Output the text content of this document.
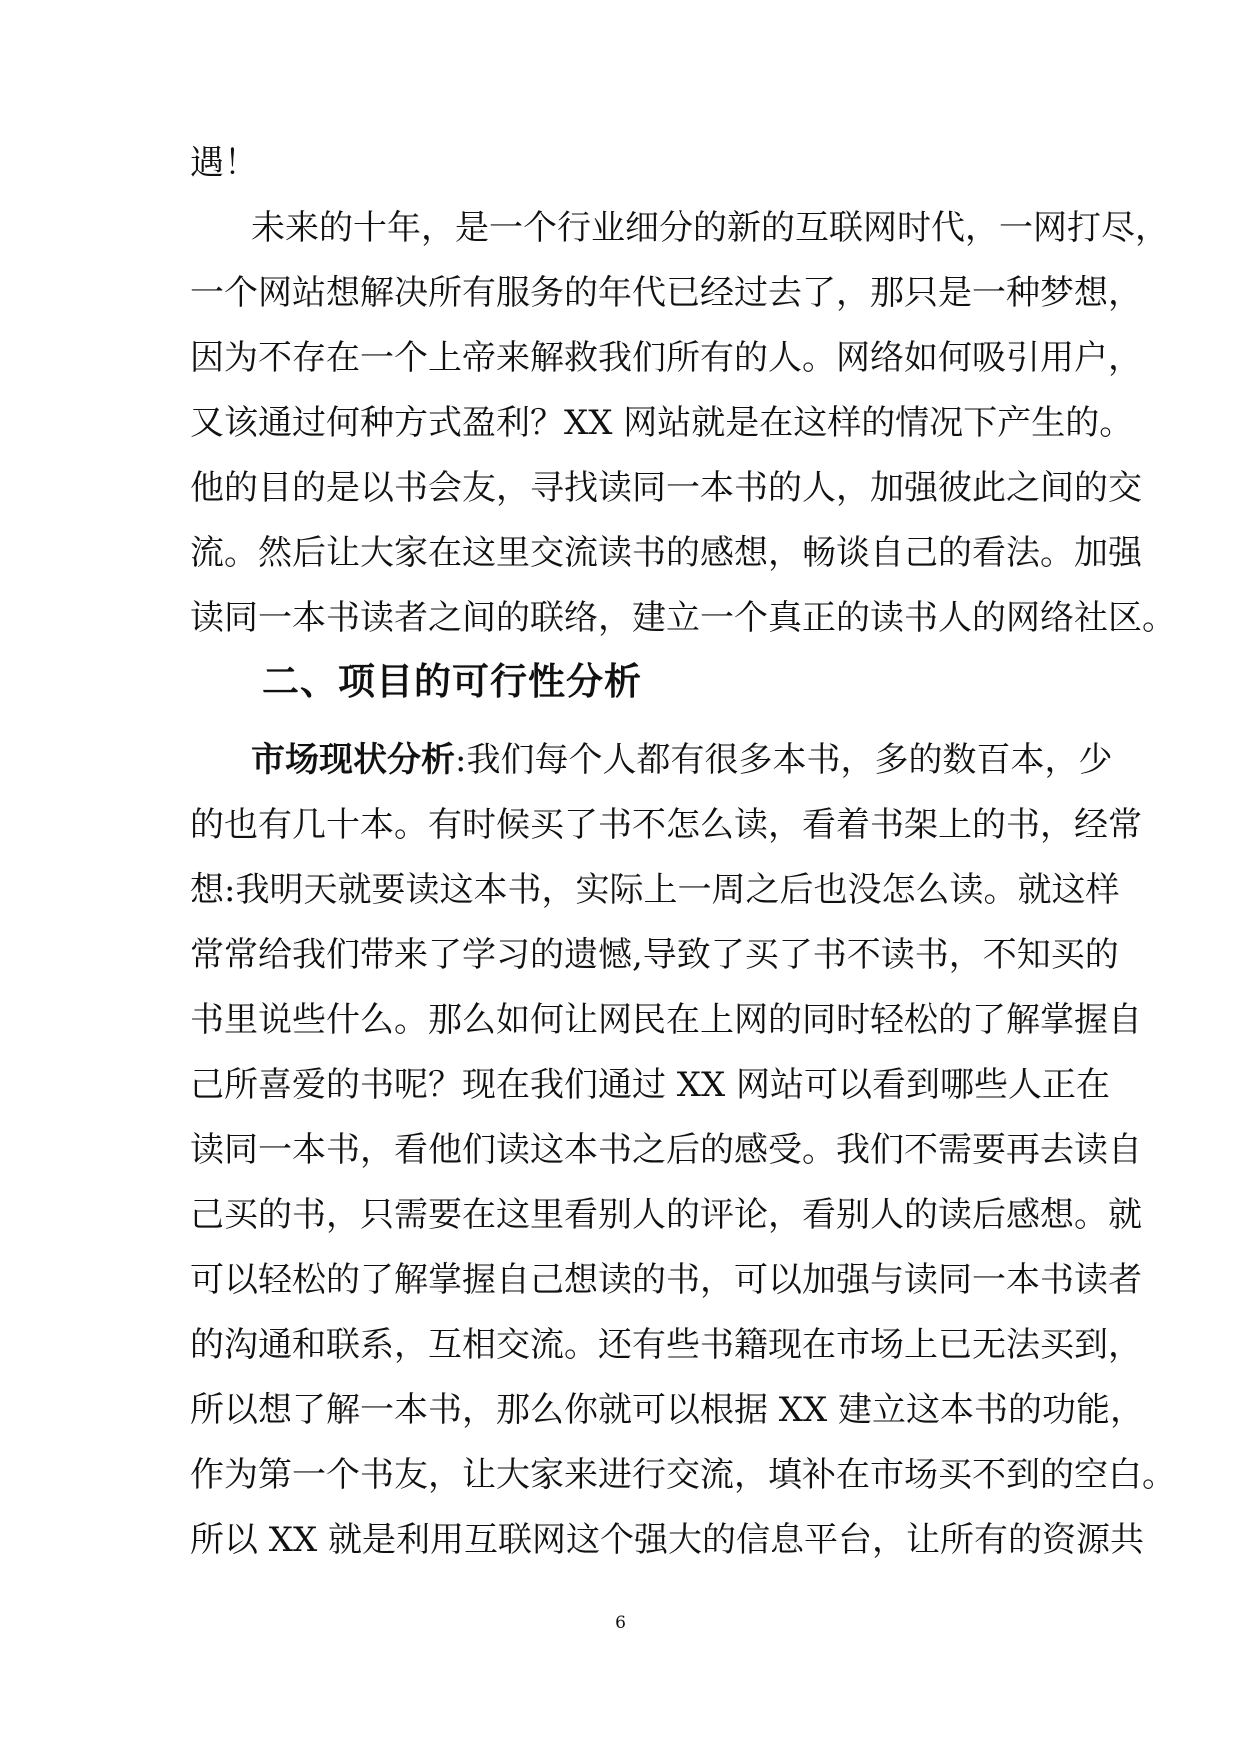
遇！
未来的十年，是一个行业细分的新的互联网时代，一网打尽，
一个网站想解决所有服务的年代已经过去了，那只是一种梦想，
因为不存在一个上帝来解救我们所有的人。网络如何吸引用户，
又该通过何种方式盈利？XX 网站就是在这样的情况下产生的。
他的目的是以书会友，寻找读同一本书的人，加强彼此之间的交
流。然后让大家在这里交流读书的感想，畅谈自己的看法。加强
读同一本书读者之间的联络，建立一个真正的读书人的网络社区。
二、项目的可行性分析
市场现状分析:我们每个人都有很多本书，多的数百本，少
的也有几十本。有时候买了书不怎么读，看着书架上的书，经常
想:我明天就要读这本书，实际上一周之后也没怎么读。就这样
常常给我们带来了学习的遗憾,导致了买了书不读书，不知买的
书里说些什么。那么如何让网民在上网的同时轻松的了解掌握自
己所喜爱的书呢？现在我们通过 XX 网站可以看到哪些人正在
读同一本书，看他们读这本书之后的感受。我们不需要再去读自
己买的书，只需要在这里看别人的评论，看别人的读后感想。就
可以轻松的了解掌握自己想读的书，可以加强与读同一本书读者
的沟通和联系，互相交流。还有些书籍现在市场上已无法买到，
所以想了解一本书，那么你就可以根据 XX 建立这本书的功能，
作为第一个书友，让大家来进行交流，填补在市场买不到的空白。
所以 XX 就是利用互联网这个强大的信息平台，让所有的资源共
6
